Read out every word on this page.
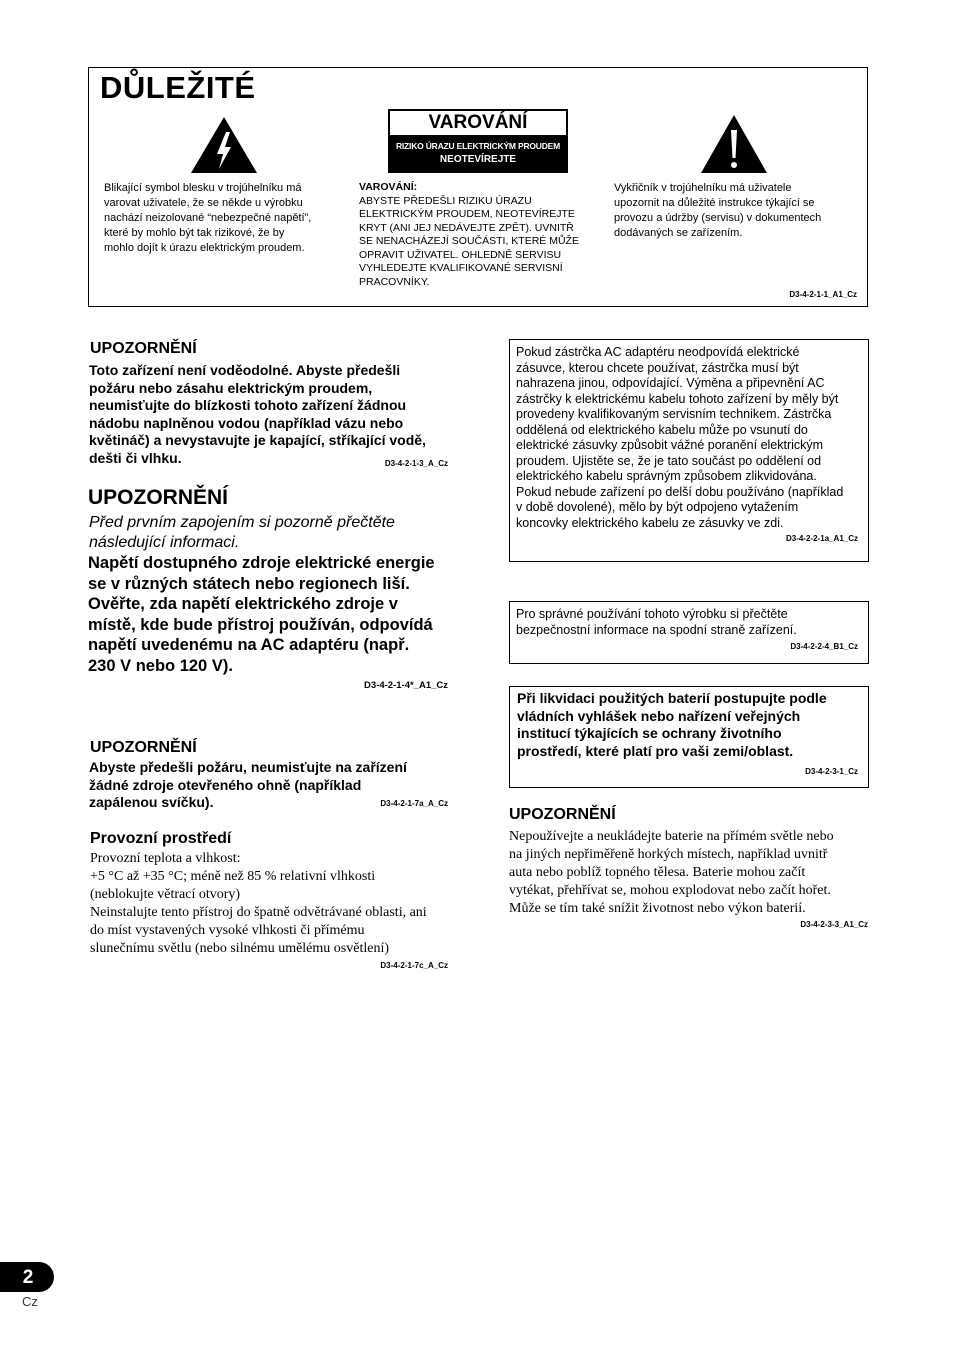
DŮLEŽITÉ
VAROVÁNÍ
RIZIKO ÚRAZU ELEKTRICKÝM PROUDEM
NEOTEVÍREJTE
Blikající symbol blesku v trojúhelníku má
varovat uživatele, že se někde u výrobku
nachází neizolované “nebezpečné napětí”,
které by mohlo být tak rizikové, že by
mohlo dojít k úrazu elektrickým proudem.
VAROVÁNÍ:
ABYSTE PŘEDEŠLI RIZIKU ÚRAZU
ELEKTRICKÝM PROUDEM, NEOTEVÍREJTE
KRYT (ANI JEJ NEDÁVEJTE ZPĚT). UVNITŘ
SE NENACHÁZEJÍ SOUČÁSTI, KTERÉ MŮŽE
OPRAVIT UŽIVATEL. OHLEDNĚ SERVISU
VYHLEDEJTE KVALIFIKOVANÉ SERVISNÍ
PRACOVNÍKY.
Vykřičník v trojúhelníku má uživatele
upozornit na důležité instrukce týkající se
provozu a údržby (servisu) v dokumentech
dodávaných se zařízením.
D3-4-2-1-1_A1_Cz
UPOZORNĚNÍ
Toto zařízení není voděodolné. Abyste předešli
požáru nebo zásahu elektrickým proudem,
neumisťujte do blízkosti tohoto zařízení žádnou
nádobu naplněnou vodou (například vázu nebo
květináč) a nevystavujte je kapající, stříkající vodě,
dešti či vlhku.	D3-4-2-1-3_A_Cz
UPOZORNĚNÍ
Před prvním zapojením si pozorně přečtěte
následující informaci.
Napětí dostupného zdroje elektrické energie
se v různých státech nebo regionech liší.
Ověřte, zda napětí elektrického zdroje v
místě, kde bude přístroj používán, odpovídá
napětí uvedenému na AC adaptéru (např.
230 V nebo 120 V).
D3-4-2-1-4*_A1_Cz
UPOZORNĚNÍ
Abyste předešli požáru, neumisťujte na zařízení
žádné zdroje otevřeného ohně (například
zapálenou svíčku).	D3-4-2-1-7a_A_Cz
Provozní prostředí
Provozní teplota a vlhkost:
+5 °C až +35 °C; méně než 85 % relativní vlhkosti
(neblokujte větrací otvory)
Neinstalujte tento přístroj do špatně odvětrávané oblasti, ani
do míst vystavených vysoké vlhkosti či přímému
slunečnímu světlu (nebo silnému umělému osvětlení)
D3-4-2-1-7c_A_Cz
Pokud zástrčka AC adaptéru neodpovídá elektrické
zásuvce, kterou chcete používat, zástrčka musí být
nahrazena jinou, odpovídající. Výměna a připevnění AC
zástrčky k elektrickému kabelu tohoto zařízení by měly být
provedeny kvalifikovaným servisním technikem. Zástrčka
oddělená od elektrického kabelu může po vsunutí do
elektrické zásuvky způsobit vážné poranění elektrickým
proudem. Ujistěte se, že je tato součást po oddělení od
elektrického kabelu správným způsobem zlikvidována.
Pokud nebude zařízení po delší dobu používáno (například
v době dovolené), mělo by být odpojeno vytažením
koncovky elektrického kabelu ze zásuvky ve zdi.
D3-4-2-2-1a_A1_Cz
Pro správné používání tohoto výrobku si přečtěte
bezpečnostní informace na spodní straně zařízení.
D3-4-2-2-4_B1_Cz
Při likvidaci použitých baterií postupujte podle
vládních vyhlášek nebo nařízení veřejných
institucí týkajících se ochrany životního
prostředí, které platí pro vaši zemi/oblast.
D3-4-2-3-1_Cz
UPOZORNĚNÍ
Nepoužívejte a neukládejte baterie na přímém světle nebo
na jiných nepřiměřeně horkých místech, například uvnitř
auta nebo poblíž topného tělesa. Baterie mohou začít
vytékat, přehřívat se, mohou explodovat nebo začít hořet.
Může se tím také snížit životnost nebo výkon baterií.
D3-4-2-3-3_A1_Cz
2
Cz
